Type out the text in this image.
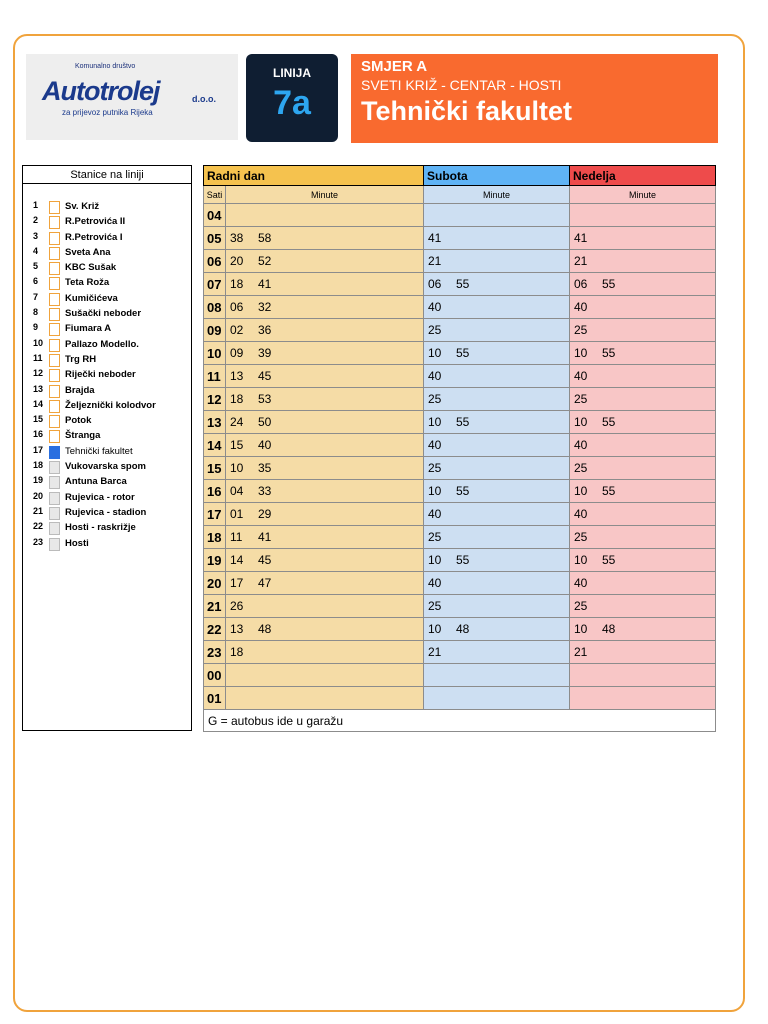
Komunalno društvo
Autotrolej	d.o.o.
za prijevoz putnika Rijeka
LINIJA
7a
SMJER A
SVETI KRIŽ - CENTAR - HOSTI
Tehnički fakultet
Stanice na liniji
1	Sv. Križ
2	R.Petrovića II
3	R.Petrovića I
4	Sveta Ana
5	KBC Sušak
6	Teta Roža
7	Kumičićeva
8	Sušački neboder
9	Fiumara A
10	Pallazo Modello.
11	Trg RH
12	Riječki neboder
13	Brajda
14	Željeznički kolodvor
15	Potok
16	Štranga
17	Tehnički fakultet
18	Vukovarska spom
19	Antuna Barca
20	Rujevica - rotor
21	Rujevica - stadion
22	Hosti - raskrižje
23	Hosti
Radni dan		Subota	Nedelja
Sati	Minute	Minute	Minute
04			
05	38 58	41	41
06	20 52	21	21
07	18 41	06 55	06 55
08	06 32	40	40
09	02 36	25	25
10	09 39	10 55	10 55
11	13 45	40	40
12	18 53	25	25
13	24 50	10 55	10 55
14	15 40	40	40
15	10 35	25	25
16	04 33	10 55	10 55
17	01 29	40	40
18	11 41	25	25
19	14 45	10 55	10 55
20	17 47	40	40
21	26	25	25
22	13 48	10 48	10 48
23	18	21	21
00			
01			
G = autobus ide u garažu			
